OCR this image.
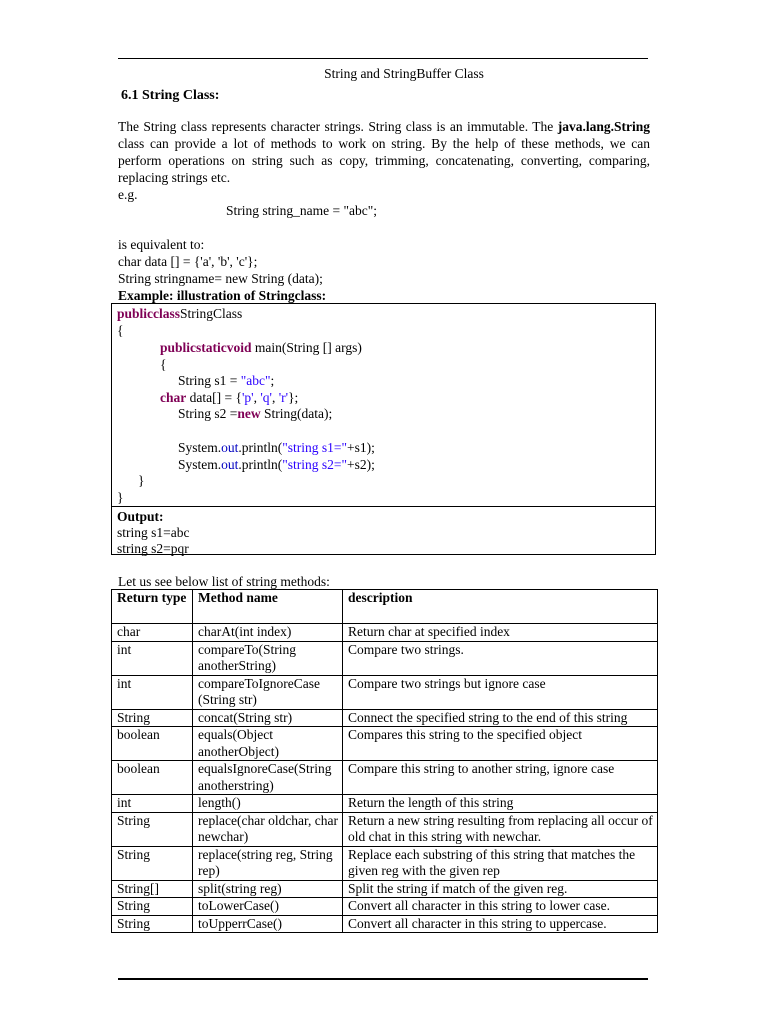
String and StringBuffer Class
6.1 String Class:
The String class represents character strings. String class is an immutable. The java.lang.String class can provide a lot of methods to work on string. By the help of these methods, we can perform operations on string such as copy, trimming, concatenating, converting, comparing, replacing strings etc.
e.g.
String string_name = "abc";
is equivalent to:
char data [] = {'a', 'b', 'c'};
String stringname= new String (data);
Example: illustration of Stringclass:
publicclassStringClass
{
publicstaticvoid main(String [] args)
{
String s1 = "abc";
char data[] = {'p', 'q', 'r'};
String s2 =new String(data);
System.out.println("string s1="+s1);
System.out.println("string s2="+s2);
}
}
Output:
string s1=abc
string s2=pqr
Let us see below list of string methods:
Return type	Method name	description
char	charAt(int index)	Return char at specified index
int	compareTo(String anotherString)	Compare two strings.
int	compareToIgnoreCase (String str)	Compare two strings but ignore case
String	concat(String str)	Connect the specified string to the end of this string
boolean	equals(Object anotherObject)	Compares this string to the specified object
boolean	equalsIgnoreCase(String anotherstring)	Compare this string to another string, ignore case
int	length()	Return the length of this string
String	replace(char oldchar, char newchar)	Return a new string resulting from replacing all occur of old chat in this string with newchar.
String	replace(string reg, String rep)	Replace each substring of this string that matches the given reg with the given rep
String[]	split(string reg)	Split the string if match of the given reg.
String	toLowerCase()	Convert all character in this string to lower case.
String	toUpperrCase()	Convert all character in this string to uppercase.
